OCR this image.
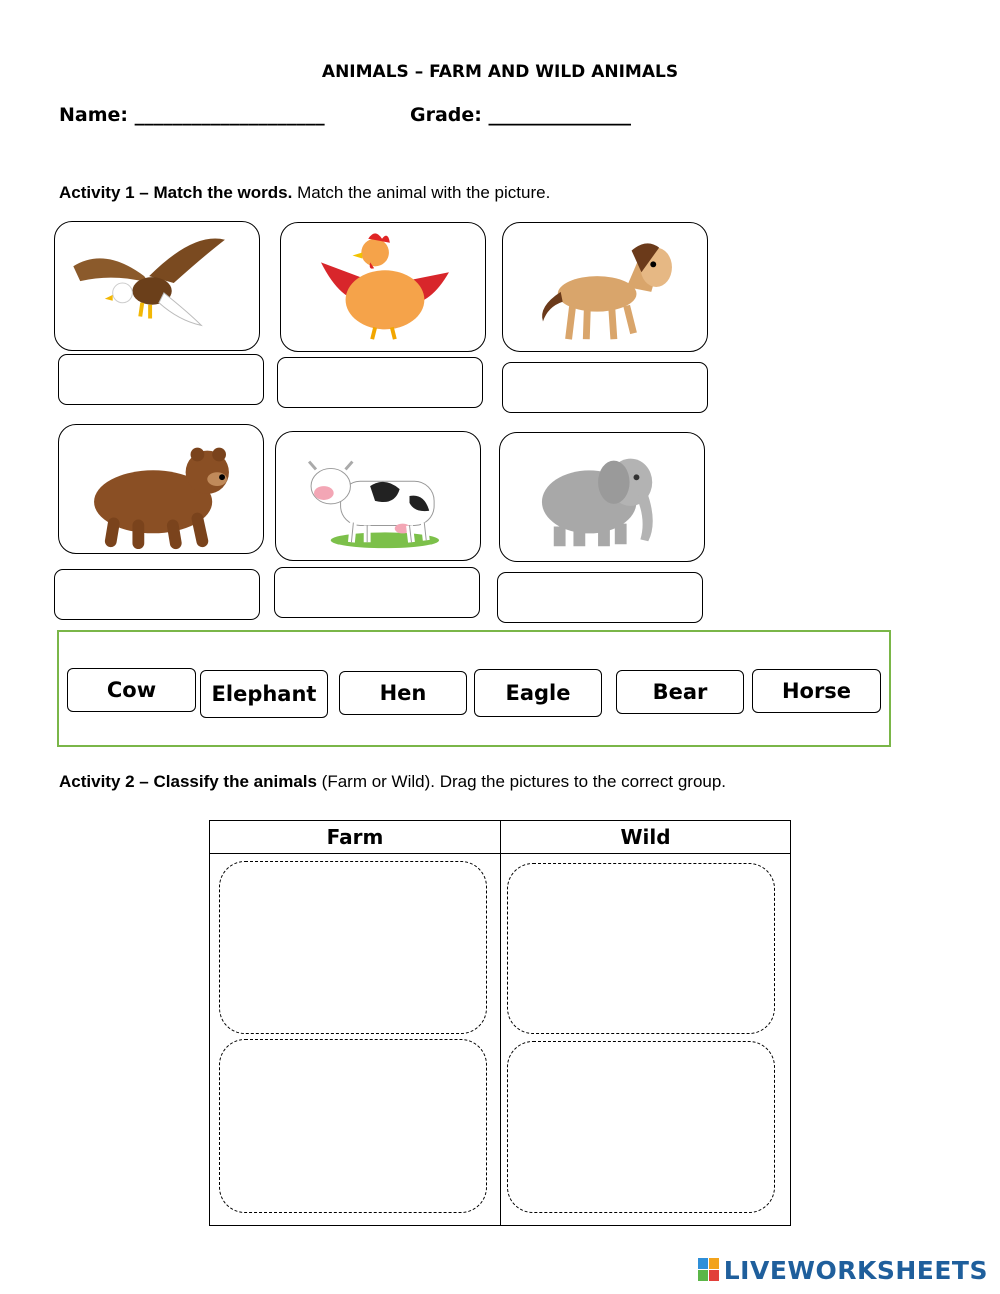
ANIMALS – FARM AND WILD ANIMALS
Name: ____________________	Grade: _______________
Activity 1 – Match the words. Match the animal with the picture.
Cow	Elephant	Hen	Eagle	Bear	Horse
Activity 2 – Classify the animals (Farm or Wild). Drag the pictures to the correct group.
Farm	Wild
LIVEWORKSHEETS
